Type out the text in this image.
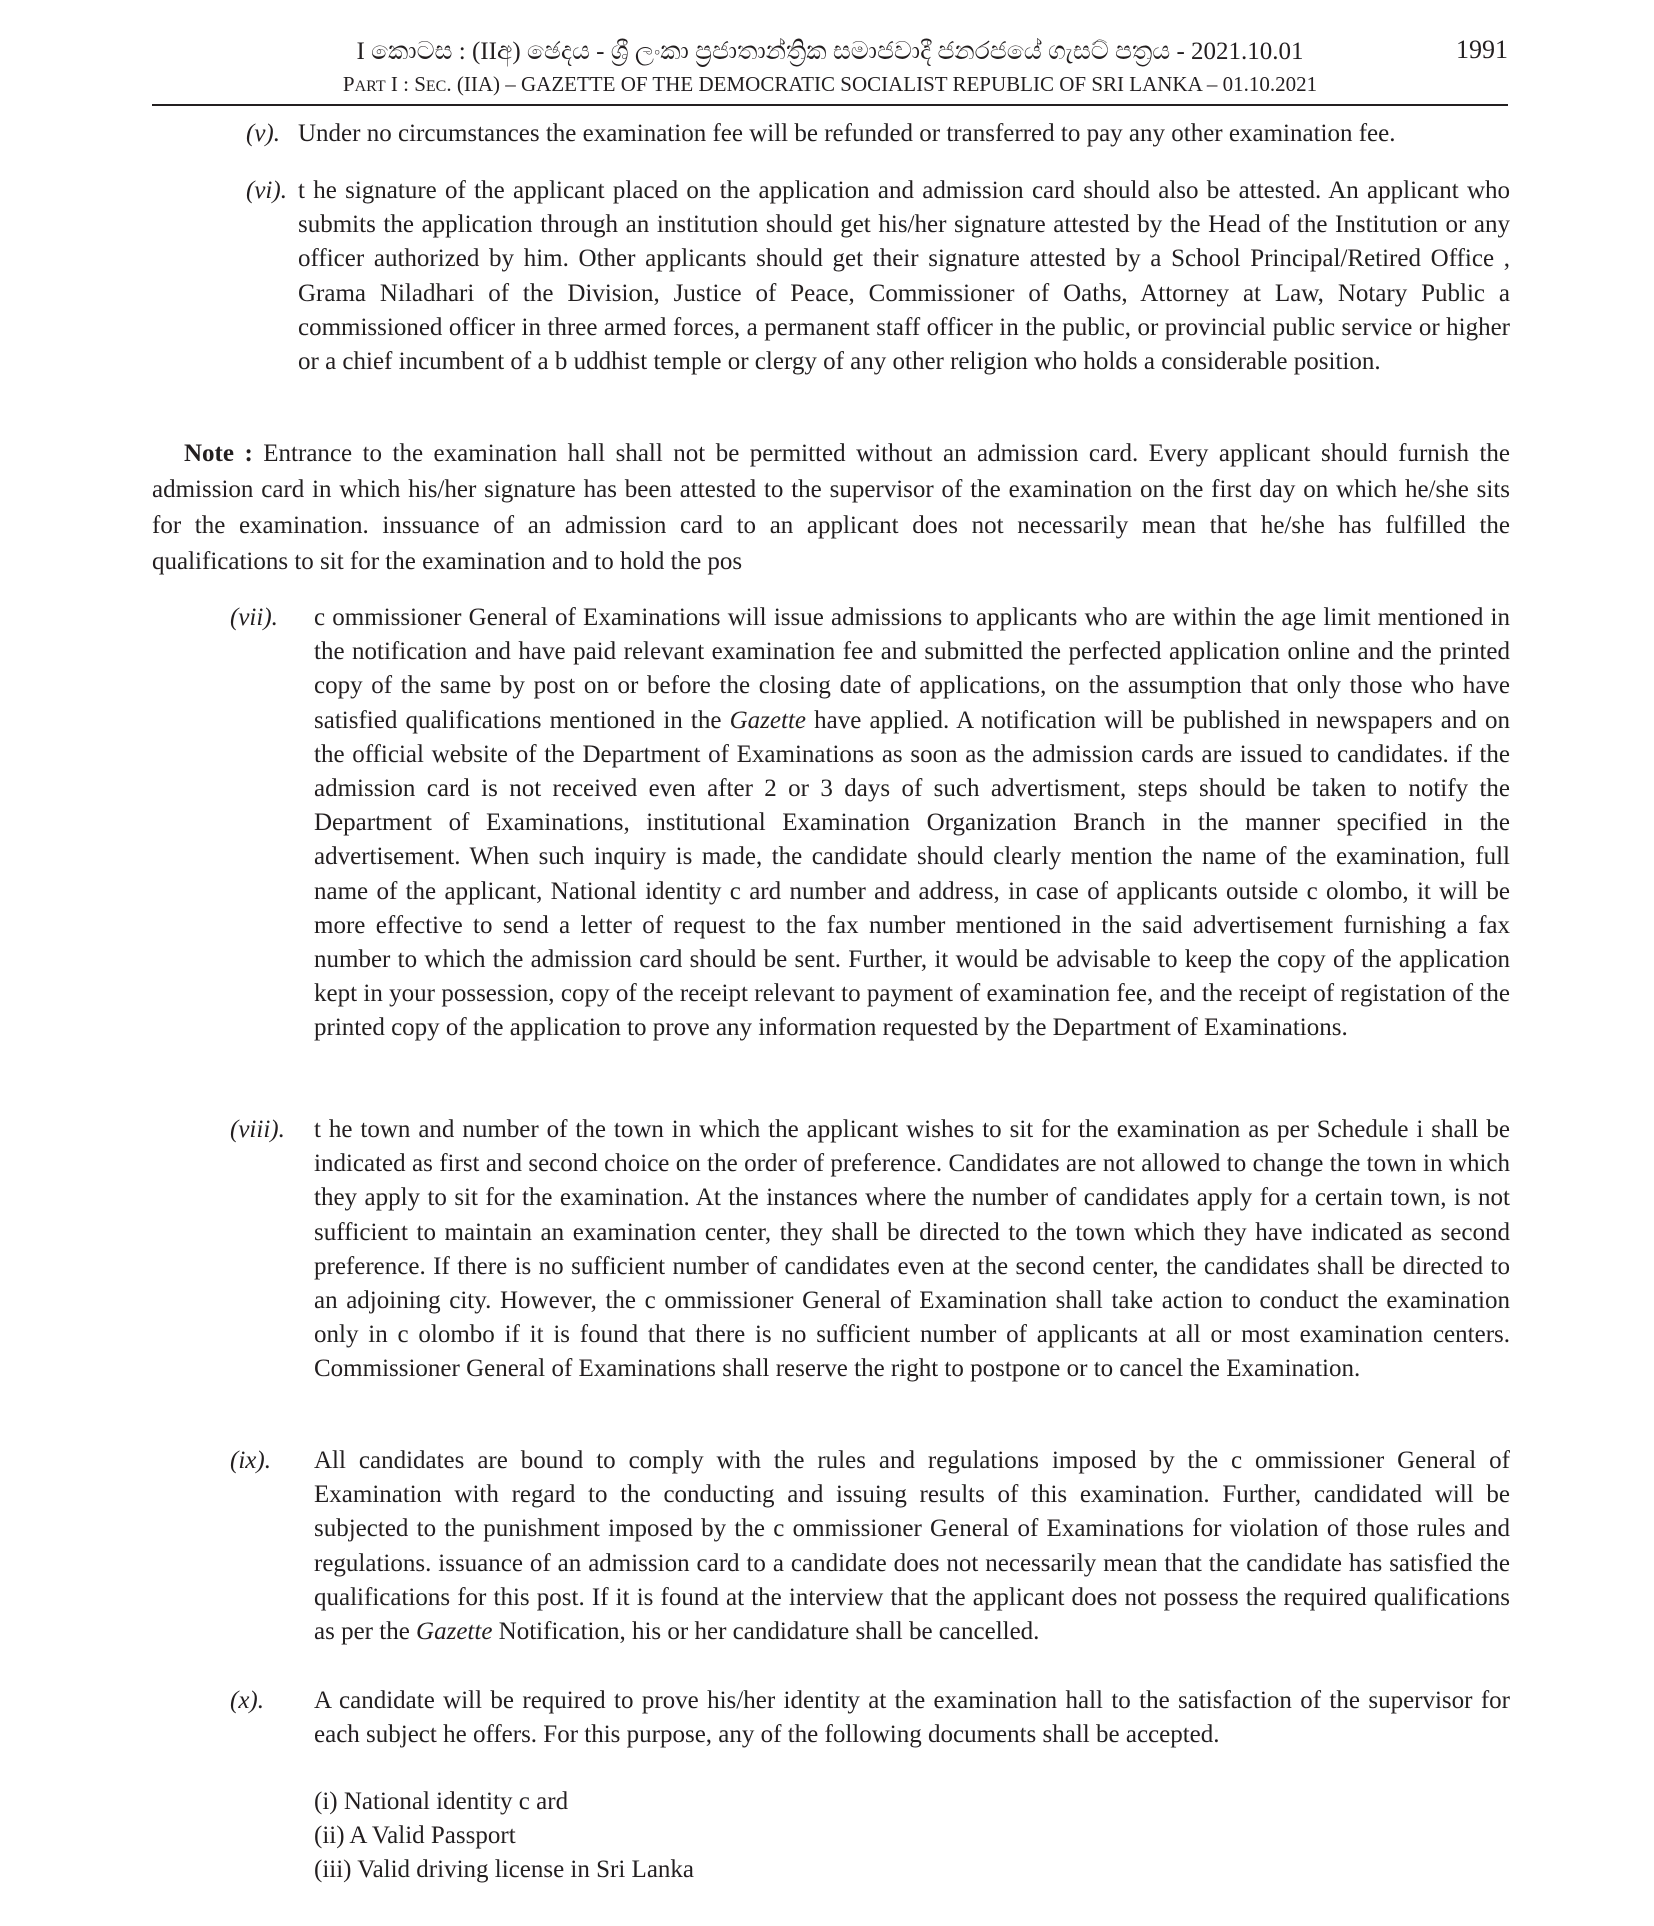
I කොටස : (IIඅ) ඡෙදය - ශ්‍රී ලංකා ප්‍රජාතාන්ත්‍රික සමාජවාදී ජනරජයේ ගැසට් පත්‍රය - 2021.10.01
PART I : SEC. (IIA) – GAZETTE OF THE DEMOCRATIC SOCIALIST REPUBLIC OF SRI LANKA – 01.10.2021
1991
(v). Under no circumstances the examination fee will be refunded or transferred to pay any other examination fee.
(vi). t he signature of the applicant placed on the application and admission card should also be attested. An applicant who submits the application through an institution should get his/her signature attested by the Head of the Institution or any officer authorized by him. Other applicants should get their signature attested by a School Principal/Retired Office , Grama Niladhari of the Division, Justice of Peace, Commissioner of Oaths, Attorney at Law, Notary Public a commissioned officer in three armed forces, a permanent staff officer in the public, or provincial public service or higher or a chief incumbent of a b uddhist temple or clergy of any other religion who holds a considerable position.
Note : Entrance to the examination hall shall not be permitted without an admission card. Every applicant should furnish the admission card in which his/her signature has been attested to the supervisor of the examination on the first day on which he/she sits for the examination. inssuance of an admission card to an applicant does not necessarily mean that he/she has fulfilled the qualifications to sit for the examination and to hold the pos
(vii). c ommissioner General of Examinations will issue admissions to applicants who are within the age limit mentioned in the notification and have paid relevant examination fee and submitted the perfected application online and the printed copy of the same by post on or before the closing date of applications, on the assumption that only those who have satisfied qualifications mentioned in the Gazette have applied. A notification will be published in newspapers and on the official website of the Department of Examinations as soon as the admission cards are issued to candidates. if the admission card is not received even after 2 or 3 days of such advertisment, steps should be taken to notify the Department of Examinations, institutional Examination Organization Branch in the manner specified in the advertisement. When such inquiry is made, the candidate should clearly mention the name of the examination, full name of the applicant, National identity c ard number and address, in case of applicants outside c olombo, it will be more effective to send a letter of request to the fax number mentioned in the said advertisement furnishing a fax number to which the admission card should be sent. Further, it would be advisable to keep the copy of the application kept in your possession, copy of the receipt relevant to payment of examination fee, and the receipt of registation of the printed copy of the application to prove any information requested by the Department of Examinations.
(viii). t he town and number of the town in which the applicant wishes to sit for the examination as per Schedule i shall be indicated as first and second choice on the order of preference. Candidates are not allowed to change the town in which they apply to sit for the examination. At the instances where the number of candidates apply for a certain town, is not sufficient to maintain an examination center, they shall be directed to the town which they have indicated as second preference. If there is no sufficient number of candidates even at the second center, the candidates shall be directed to an adjoining city. However, the c ommissioner General of Examination shall take action to conduct the examination only in c olombo if it is found that there is no sufficient number of applicants at all or most examination centers. Commissioner General of Examinations shall reserve the right to postpone or to cancel the Examination.
(ix). All candidates are bound to comply with the rules and regulations imposed by the c ommissioner General of Examination with regard to the conducting and issuing results of this examination. Further, candidated will be subjected to the punishment imposed by the c ommissioner General of Examinations for violation of those rules and regulations. issuance of an admission card to a candidate does not necessarily mean that the candidate has satisfied the qualifications for this post. If it is found at the interview that the applicant does not possess the required qualifications as per the Gazette Notification, his or her candidature shall be cancelled.
(x). A candidate will be required to prove his/her identity at the examination hall to the satisfaction of the supervisor for each subject he offers. For this purpose, any of the following documents shall be accepted.
(i) National identity c ard
(ii) A Valid Passport
(iii) Valid driving license in Sri Lanka
